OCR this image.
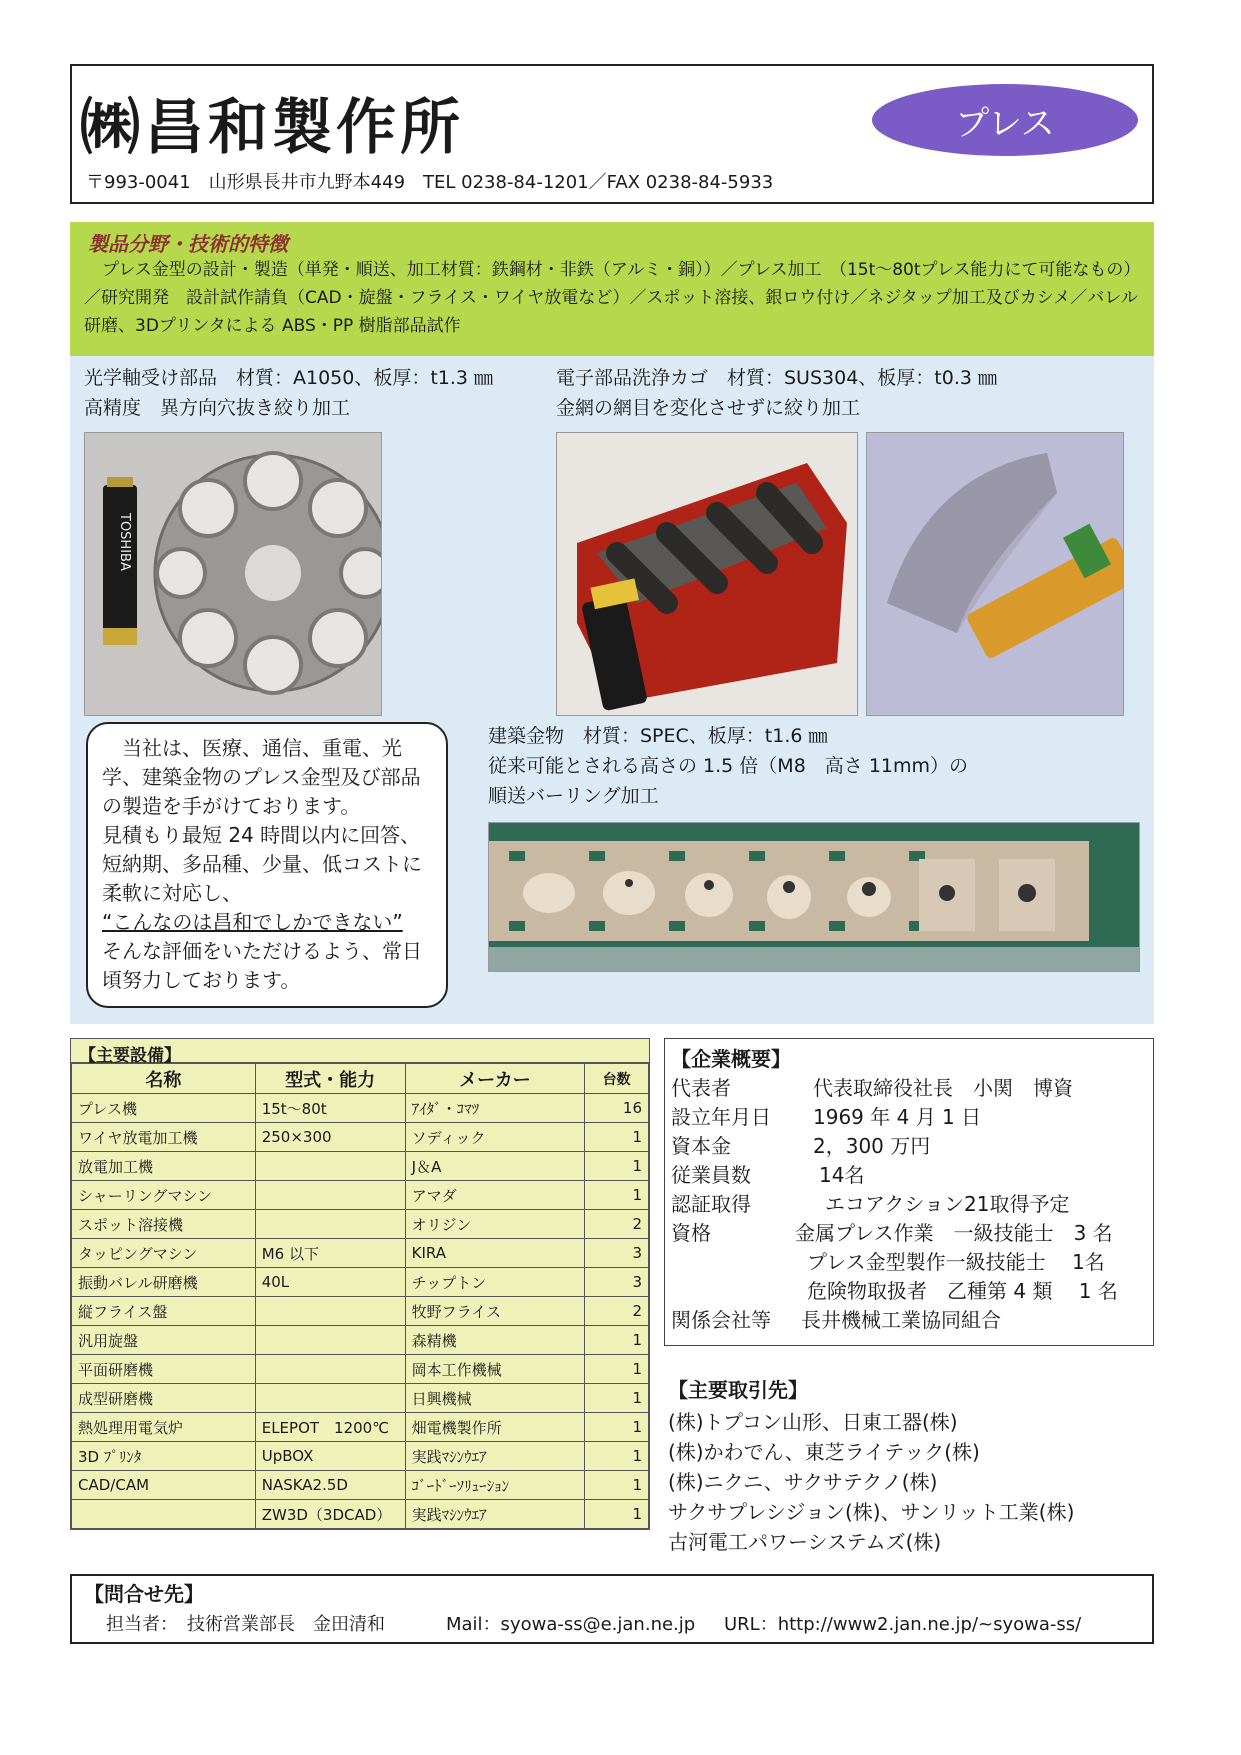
㈱昌和製作所	プレス
〒993-0041　山形県長井市九野本449　TEL 0238-84-1201／FAX 0238-84-5933
製品分野・技術的特徴
プレス金型の設計・製造（単発・順送、加工材質：鉄鋼材・非鉄（アルミ・銅））／プレス加工　（15t～80tプレス能力にて可能なもの）／研究開発　設計試作請負（CAD・旋盤・フライス・ワイヤ放電など）／スポット溶接、銀ロウ付け／ネジタップ加工及びカシメ／バレル研磨、3Dプリンタによる ABS・PP 樹脂部品試作
光学軸受け部品　材質：A1050、板厚：t1.3 ㎜
高精度　異方向穴抜き絞り加工
電子部品洗浄カゴ　材質：SUS304、板厚：t0.3 ㎜
金網の網目を変化させずに絞り加工
TOSHIBA

当社は、医療、通信、重電、光学、建築金物のプレス金型及び部品の製造を手がけております。

見積もり最短 24 時間以内に回答、短納期、多品種、少量、低コストに柔軟に対応し、

“こんなのは昌和でしかできない”

そんな評価をいただけるよう、常日頃努力しております。

建築金物　材質：SPEC、板厚：t1.6 ㎜
従来可能とされる高さの 1.5 倍（M8　高さ 11mm）の
順送バーリング加工
【主要設備】
名称	型式・能力	メーカー	台数
プレス機	15t～80t	ｱｲﾀﾞ・ｺﾏﾂ	16
ワイヤ放電加工機	250×300	ソディック	1
放電加工機		J＆A	1
シャーリングマシン		アマダ	1
スポット溶接機		オリジン	2
タッピングマシン	M6 以下	KIRA	3
振動バレル研磨機	40L	チップトン	3
縦フライス盤		牧野フライス	2
汎用旋盤		森精機	1
平面研磨機		岡本工作機械	1
成型研磨機		日興機械	1
熱処理用電気炉	ELEPOT　1200℃	畑電機製作所	1
3D ﾌﾟﾘﾝﾀ	UpBOX	実践ﾏｼﾝｳｴｱ	1
CAD/CAM	NASKA2.5D	ｺﾞｰﾄﾞｰｿﾘｭｰｼｮﾝ	1
	ZW3D（3DCAD）	実践ﾏｼﾝｳｴｱ	1
【企業概要】
代表者	代表取締役社長　小関　博資
設立年月日 1969 年 4 月 1 日
資本金	2，300 万円
従業員数	14名
認証取得	エコアクション21取得予定
資格	金属プレス作業　一級技能士　3 名
プレス金型製作一級技能士　 1名
危険物取扱者　乙種第 4 類　 1 名
関係会社等 長井機械工業協同組合
【主要取引先】
(株)トプコン山形、日東工器(株)
(株)かわでん、東芝ライテック(株)
(株)ニクニ、サクサテクノ(株)
サクサプレシジョン(株)、サンリット工業(株)
古河電工パワーシステムズ(株)
【問合せ先】
担当者：　技術営業部長　金田清和	Mail：syowa-ss@e.jan.ne.jp URL：http://www2.jan.ne.jp/~syowa-ss/
